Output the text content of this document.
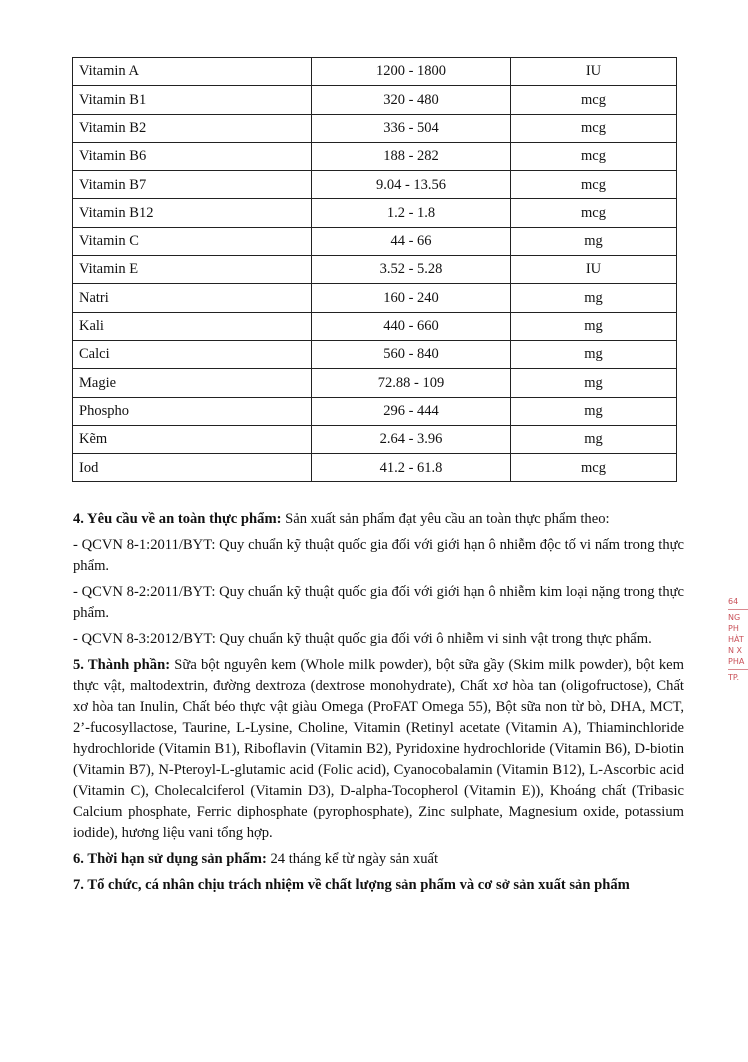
Vitamin A	1200 - 1800	IU
Vitamin B1	320 - 480	mcg
Vitamin B2	336 - 504	mcg
Vitamin B6	188 - 282	mcg
Vitamin B7	9.04 - 13.56	mcg
Vitamin B12	1.2 - 1.8	mcg
Vitamin C	44 - 66	mg
Vitamin E	3.52 - 5.28	IU
Natri	160 - 240	mg
Kali	440 - 660	mg
Calci	560 - 840	mg
Magie	72.88 - 109	mg
Phospho	296 - 444	mg
Kẽm	2.64 - 3.96	mg
Iod	41.2 - 61.8	mcg

4. Yêu cầu về an toàn thực phẩm: Sản xuất sản phẩm đạt yêu cầu an toàn thực phẩm theo:

- QCVN 8-1:2011/BYT: Quy chuẩn kỹ thuật quốc gia đối với giới hạn ô nhiễm độc tố vi nấm trong thực phẩm.

- QCVN 8-2:2011/BYT: Quy chuẩn kỹ thuật quốc gia đối với giới hạn ô nhiễm kim loại nặng trong thực phẩm.

- QCVN 8-3:2012/BYT: Quy chuẩn kỹ thuật quốc gia đối với ô nhiễm vi sinh vật trong thực phẩm.

5. Thành phần: Sữa bột nguyên kem (Whole milk powder), bột sữa gầy (Skim milk powder), bột kem thực vật, maltodextrin, đường dextroza (dextrose monohydrate), Chất xơ hòa tan (oligofructose), Chất xơ hòa tan Inulin, Chất béo thực vật giàu Omega (ProFAT Omega 55), Bột sữa non từ bò, DHA, MCT, 2’-fucosyllactose, Taurine, L-Lysine, Choline, Vitamin (Retinyl acetate (Vitamin A), Thiaminchloride hydrochloride (Vitamin B1), Riboflavin (Vitamin B2), Pyridoxine hydrochloride (Vitamin B6), D-biotin (Vitamin B7), N-Pteroyl-L-glutamic acid (Folic acid), Cyanocobalamin (Vitamin B12), L-Ascorbic acid (Vitamin C), Cholecalciferol (Vitamin D3), D-alpha-Tocopherol (Vitamin E)), Khoáng chất (Tribasic Calcium phosphate, Ferric diphosphate (pyrophosphate), Zinc sulphate, Magnesium oxide, potassium iodide), hương liệu vani tổng hợp.

6. Thời hạn sử dụng sản phẩm: 24 tháng kể từ ngày sản xuất

7. Tổ chức, cá nhân chịu trách nhiệm về chất lượng sản phẩm và cơ sở sản xuất sản phẩm

64
NG
PH
HÀT
N X
PHA
TP.
